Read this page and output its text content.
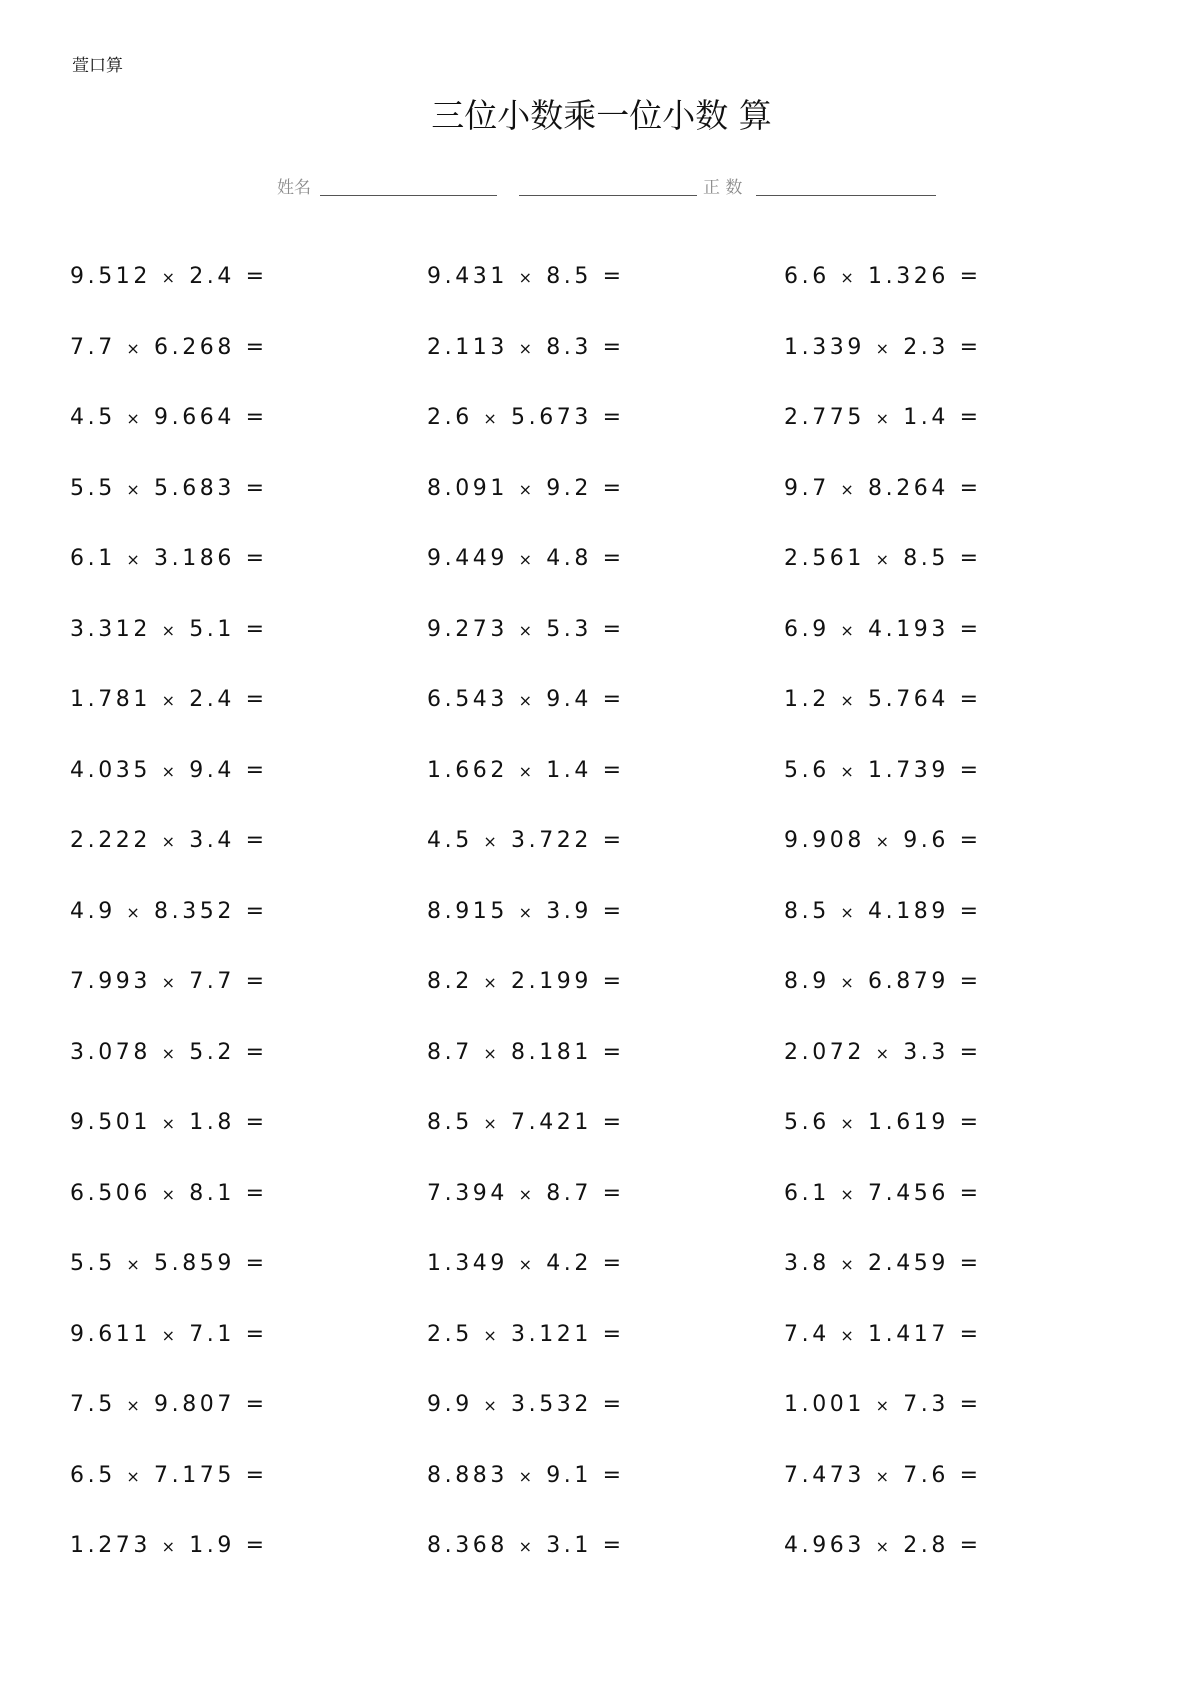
萱口算
三位小数乘一位小数 算
姓名	正 数
9.512 × 2.4 =
7.7 × 6.268 =
4.5 × 9.664 =
5.5 × 5.683 =
6.1 × 3.186 =
3.312 × 5.1 =
1.781 × 2.4 =
4.035 × 9.4 =
2.222 × 3.4 =
4.9 × 8.352 =
7.993 × 7.7 =
3.078 × 5.2 =
9.501 × 1.8 =
6.506 × 8.1 =
5.5 × 5.859 =
9.611 × 7.1 =
7.5 × 9.807 =
6.5 × 7.175 =
1.273 × 1.9 =
9.431 × 8.5 =
2.113 × 8.3 =
2.6 × 5.673 =
8.091 × 9.2 =
9.449 × 4.8 =
9.273 × 5.3 =
6.543 × 9.4 =
1.662 × 1.4 =
4.5 × 3.722 =
8.915 × 3.9 =
8.2 × 2.199 =
8.7 × 8.181 =
8.5 × 7.421 =
7.394 × 8.7 =
1.349 × 4.2 =
2.5 × 3.121 =
9.9 × 3.532 =
8.883 × 9.1 =
8.368 × 3.1 =
6.6 × 1.326 =
1.339 × 2.3 =
2.775 × 1.4 =
9.7 × 8.264 =
2.561 × 8.5 =
6.9 × 4.193 =
1.2 × 5.764 =
5.6 × 1.739 =
9.908 × 9.6 =
8.5 × 4.189 =
8.9 × 6.879 =
2.072 × 3.3 =
5.6 × 1.619 =
6.1 × 7.456 =
3.8 × 2.459 =
7.4 × 1.417 =
1.001 × 7.3 =
7.473 × 7.6 =
4.963 × 2.8 =
